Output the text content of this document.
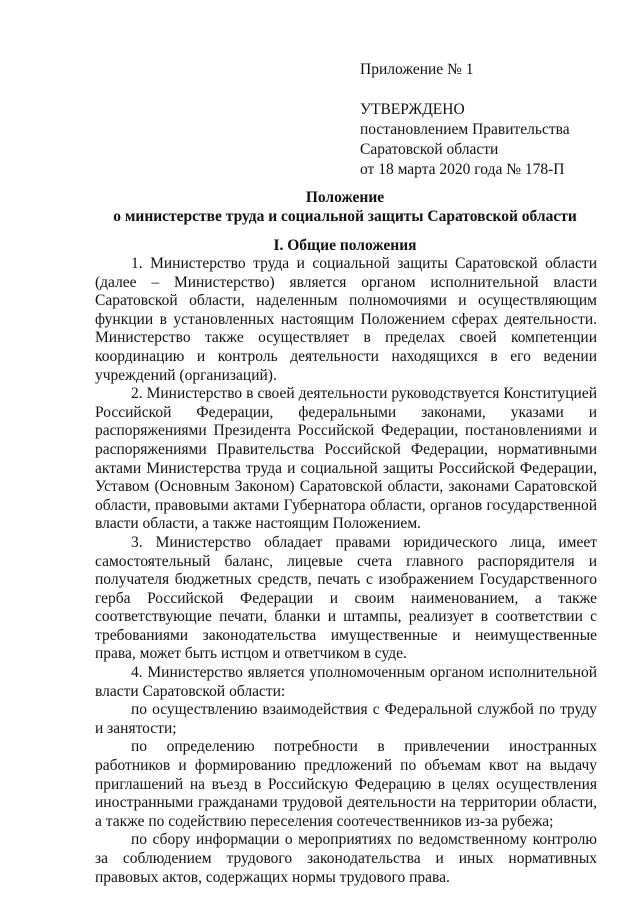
Приложение № 1

УТВЕРЖДЕНО

постановлением Правительства

Саратовской области

от 18 марта 2020 года № 178-П

Положение

о министерстве труда и социальной защиты Саратовской области

I. Общие положения

1. Министерство труда и социальной защиты Саратовской области (далее – Министерство) является органом исполнительной власти Саратовской области, наделенным полномочиями и осуществляющим функции в установленных настоящим Положением сферах деятельности. Министерство также осуществляет в пределах своей компетенции координацию и контроль деятельности находящихся в его ведении учреждений (организаций).

2. Министерство в своей деятельности руководствуется Конституцией Российской Федерации, федеральными законами, указами и распоряжениями Президента Российской Федерации, постановлениями и распоряжениями Правительства Российской Федерации, нормативными актами Министерства труда и социальной защиты Российской Федерации, Уставом (Основным Законом) Саратовской области, законами Саратовской области, правовыми актами Губернатора области, органов государственной власти области, а также настоящим Положением.

3. Министерство обладает правами юридического лица, имеет самостоятельный баланс, лицевые счета главного распорядителя и получателя бюджетных средств, печать с изображением Государственного герба Российской Федерации и своим наименованием, а также соответствующие печати, бланки и штампы, реализует в соответствии с требованиями законодательства имущественные и неимущественные права, может быть истцом и ответчиком в суде.

4. Министерство является уполномоченным органом исполнительной власти Саратовской области:

по осуществлению взаимодействия с Федеральной службой по труду и занятости;

по определению потребности в привлечении иностранных работников и формированию предложений по объемам квот на выдачу приглашений на въезд в Российскую Федерацию в целях осуществления иностранными гражданами трудовой деятельности на территории области, а также по содействию переселения соотечественников из-за рубежа;

по сбору информации о мероприятиях по ведомственному контролю за соблюдением трудового законодательства и иных нормативных правовых актов, содержащих нормы трудового права.
